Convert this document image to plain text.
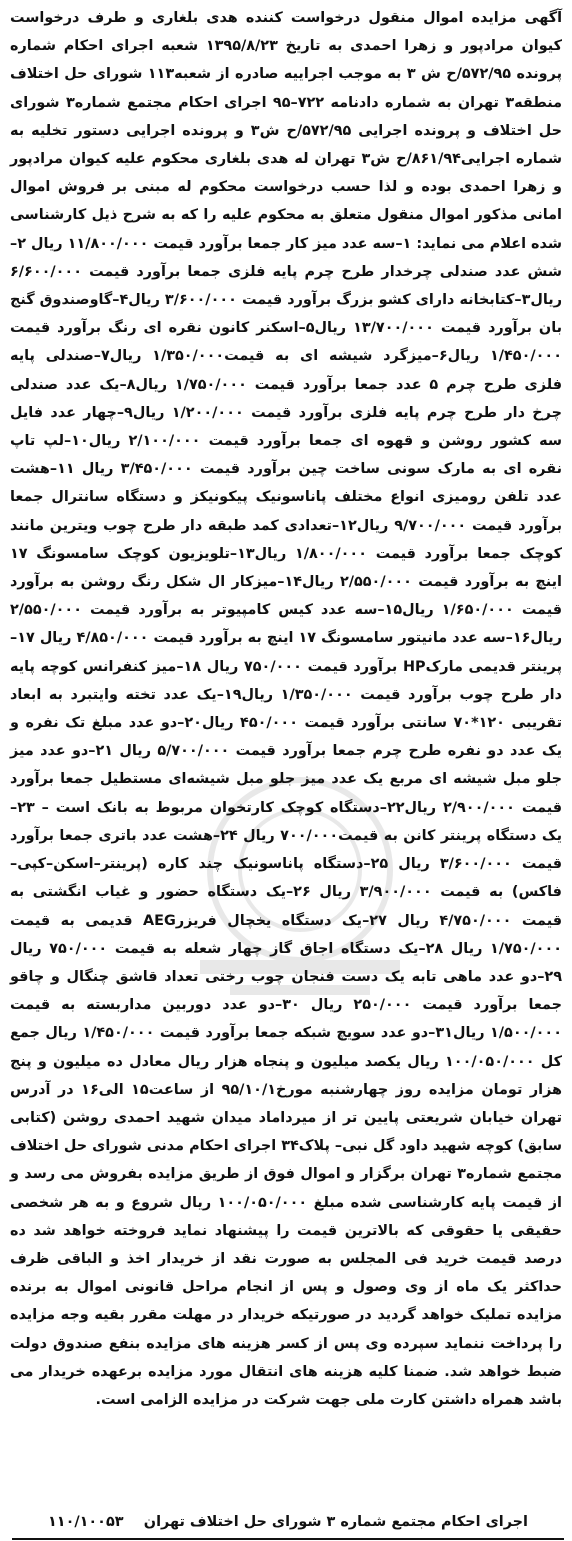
آگهی مزایده اموال منقول درخواست کننده هدی بلغاری و طرف درخواست کیوان مرادپور و زهرا احمدی به تاریخ ۱۳۹۵/۸/۲۳ شعبه اجرای احکام شماره پرونده ۵۷۲/۹۵/ح ش ۳ به موجب اجراییه صادره از شعبه۱۱۳ شورای حل اختلاف منطقه۳ تهران به شماره دادنامه ۷۲۲–۹۵ اجرای احکام مجتمع شماره۳ شورای حل اختلاف و پرونده اجرایی ۵۷۲/۹۵/ح ش۳ و پرونده اجرایی دستور تخلیه به شماره اجرایی۸۶۱/۹۴/ح ش۳ تهران له هدی بلغاری محکوم علیه کیوان مرادپور و زهرا احمدی بوده و لذا حسب درخواست محکوم له مبنی بر فروش اموال امانی مذکور اموال منقول متعلق به محکوم علیه را که به شرح ذیل کارشناسی شده اعلام می نماید: ۱–سه عدد میز کار جمعا برآورد قیمت ۱۱/۸۰۰/۰۰۰ ریال ۲–شش عدد صندلی چرخدار طرح چرم پایه فلزی جمعا برآورد قیمت ۶/۶۰۰/۰۰۰ ریال۳–کتابخانه دارای کشو بزرگ برآورد قیمت ۳/۶۰۰/۰۰۰ ریال۴–گاوصندوق گنج بان برآورد قیمت ۱۳/۷۰۰/۰۰۰ ریال۵–اسکنر کانون نقره ای رنگ برآورد قیمت ۱/۴۵۰/۰۰۰ ریال۶–میزگرد شیشه ای به قیمت۱/۳۵۰/۰۰۰ ریال۷–صندلی پایه فلزی طرح چرم ۵ عدد جمعا برآورد قیمت ۱/۷۵۰/۰۰۰ ریال۸–یک عدد صندلی چرخ دار طرح چرم پایه فلزی برآورد قیمت ۱/۲۰۰/۰۰۰ ریال۹–چهار عدد فایل سه کشور روشن و قهوه ای جمعا برآورد قیمت ۲/۱۰۰/۰۰۰ ریال۱۰–لپ تاپ نقره ای به مارک سونی ساخت چین برآورد قیمت ۳/۴۵۰/۰۰۰ ریال ۱۱–هشت عدد تلفن رومیزی انواع مختلف پاناسونیک پیکونیکز و دستگاه سانترال جمعا برآورد قیمت ۹/۷۰۰/۰۰۰ ریال۱۲–تعدادی کمد طبقه دار طرح چوب ویترین مانند کوچک جمعا برآورد قیمت ۱/۸۰۰/۰۰۰ ریال۱۳–تلویزیون کوچک سامسونگ ۱۷ اینچ به برآورد قیمت ۲/۵۵۰/۰۰۰ ریال۱۴–میزکار ال شکل رنگ روشن به برآورد قیمت ۱/۶۵۰/۰۰۰ ریال۱۵–سه عدد کیس کامپیوتر به برآورد قیمت ۲/۵۵۰/۰۰۰ ریال۱۶–سه عدد مانیتور سامسونگ ۱۷ اینچ به برآورد قیمت ۴/۸۵۰/۰۰۰ ریال ۱۷–پرینتر قدیمی مارکHP برآورد قیمت ۷۵۰/۰۰۰ ریال ۱۸–میز کنفرانس کوچه پایه دار طرح چوب برآورد قیمت ۱/۳۵۰/۰۰۰ ریال۱۹–یک عدد تخته وایتبرد به ابعاد تقریبی ۱۲۰*۷۰ سانتی برآورد قیمت ۴۵۰/۰۰۰ ریال۲۰–دو عدد مبلغ تک نفره و یک عدد دو نفره طرح چرم جمعا برآورد قیمت ۵/۷۰۰/۰۰۰ ریال ۲۱–دو عدد میز جلو مبل شیشه ای مربع یک عدد میز جلو مبل شیشه‌ای مستطیل جمعا برآورد قیمت ۲/۹۰۰/۰۰۰ ریال۲۲–دستگاه کوچک کارتخوان مربوط به بانک است – ۲۳–یک دستگاه پرینتر کانن به قیمت۷۰۰/۰۰۰ ریال ۲۴–هشت عدد باتری جمعا برآورد قیمت ۳/۶۰۰/۰۰۰ ریال ۲۵–دستگاه پاناسونیک چند کاره (پرینتر–اسکن–کپی–فاکس) به قیمت ۳/۹۰۰/۰۰۰ ریال ۲۶–یک دستگاه حضور و غیاب انگشتی به قیمت ۴/۷۵۰/۰۰۰ ریال ۲۷–یک دستگاه یخچال فریزرAEG قدیمی به قیمت ۱/۷۵۰/۰۰۰ ریال ۲۸–یک دستگاه اجاق گاز چهار شعله به قیمت ۷۵۰/۰۰۰ ریال ۲۹–دو عدد ماهی تابه یک دست فنجان چوب رختی تعداد قاشق چنگال و چاقو جمعا برآورد قیمت ۲۵۰/۰۰۰ ریال ۳۰–دو عدد دوربین مداربسته به قیمت ۱/۵۰۰/۰۰۰ ریال۳۱–دو عدد سویچ شبکه جمعا برآورد قیمت ۱/۴۵۰/۰۰۰ ریال جمع کل ۱۰۰/۰۵۰/۰۰۰ ریال یکصد میلیون و پنجاه هزار ریال معادل ده میلیون و پنج هزار تومان مزایده روز چهارشنبه مورخ۹۵/۱۰/۱ از ساعت۱۵ الی۱۶ در آدرس تهران خیابان شریعتی پایین تر از میرداماد میدان شهید احمدی روشن (کتابی سابق) کوچه شهید داود گل نبی– پلاک۳۴ اجرای احکام مدنی شورای حل اختلاف مجتمع شماره۳ تهران برگزار و اموال فوق از طریق مزایده بفروش می رسد و از قیمت پایه کارشناسی شده مبلغ ۱۰۰/۰۵۰/۰۰۰ ریال شروع و به هر شخصی حقیقی یا حقوقی که بالاترین قیمت را پیشنهاد نماید فروخته خواهد شد ده درصد قیمت خرید فی المجلس به صورت نقد از خریدار اخذ و الباقی ظرف حداکثر یک ماه از وی وصول و پس از انجام مراحل قانونی اموال به برنده مزایده تملیک خواهد گردید در صورتیکه خریدار در مهلت مقرر بقیه وجه مزایده را پرداخت ننماید سپرده وی پس از کسر هزینه های مزایده بنفع صندوق دولت ضبط خواهد شد. ضمنا کلیه هزینه های انتقال مورد مزایده برعهده خریدار می باشد همراه داشتن کارت ملی جهت شرکت در مزایده الزامی است.

اجرای احکام مجتمع شماره ۳ شورای حل اختلاف تهران
۱۱۰/۱۰۰۵۳
